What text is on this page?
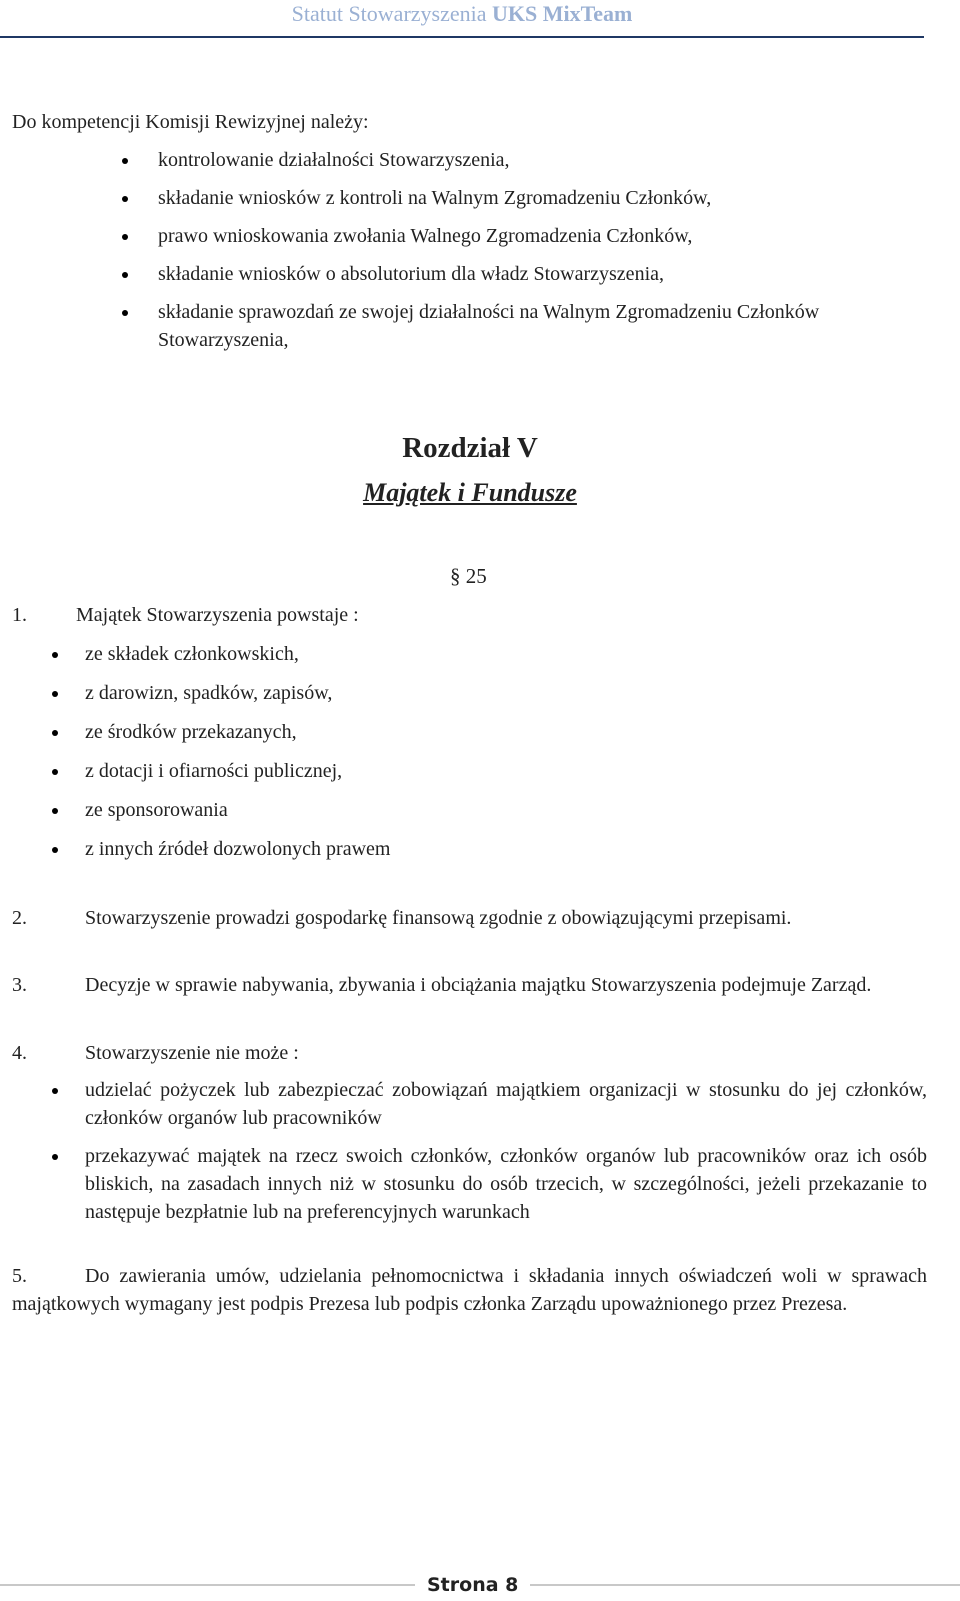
Statut Stowarzyszenia UKS MixTeam

Do kompetencji Komisji Rewizyjnej należy:

kontrolowanie działalności Stowarzyszenia,
składanie wniosków z kontroli na Walnym Zgromadzeniu Członków,
prawo wnioskowania zwołania Walnego Zgromadzenia Członków,
składanie wniosków o absolutorium dla władz Stowarzyszenia,
składanie sprawozdań ze swojej działalności na Walnym Zgromadzeniu Członków Stowarzyszenia,
Rozdział V
Majątek i Fundusze
§ 25

1. Majątek Stowarzyszenia powstaje :

ze składek członkowskich,
z darowizn, spadków, zapisów,
ze środków przekazanych,
z dotacji i ofiarności publicznej,
ze sponsorowania
z innych źródeł dozwolonych prawem

2.	Stowarzyszenie prowadzi gospodarkę finansową zgodnie z obowiązującymi przepisami.

3.	Decyzje w sprawie nabywania, zbywania i obciążania majątku Stowarzyszenia podejmuje Zarząd.

4.	Stowarzyszenie nie może :

udzielać pożyczek lub zabezpieczać zobowiązań majątkiem organizacji w stosunku do jej członków, członków organów lub pracowników
przekazywać majątek na rzecz swoich członków, członków organów lub pracowników oraz ich osób bliskich, na zasadach innych niż w stosunku do osób trzecich, w szczególności, jeżeli przekazanie to następuje bezpłatnie lub na preferencyjnych warunkach

5.	Do zawierania umów, udzielania pełnomocnictwa i składania innych oświadczeń woli w sprawach majątkowych wymagany jest podpis Prezesa lub podpis członka Zarządu upoważnionego przez Prezesa.

Strona 8
